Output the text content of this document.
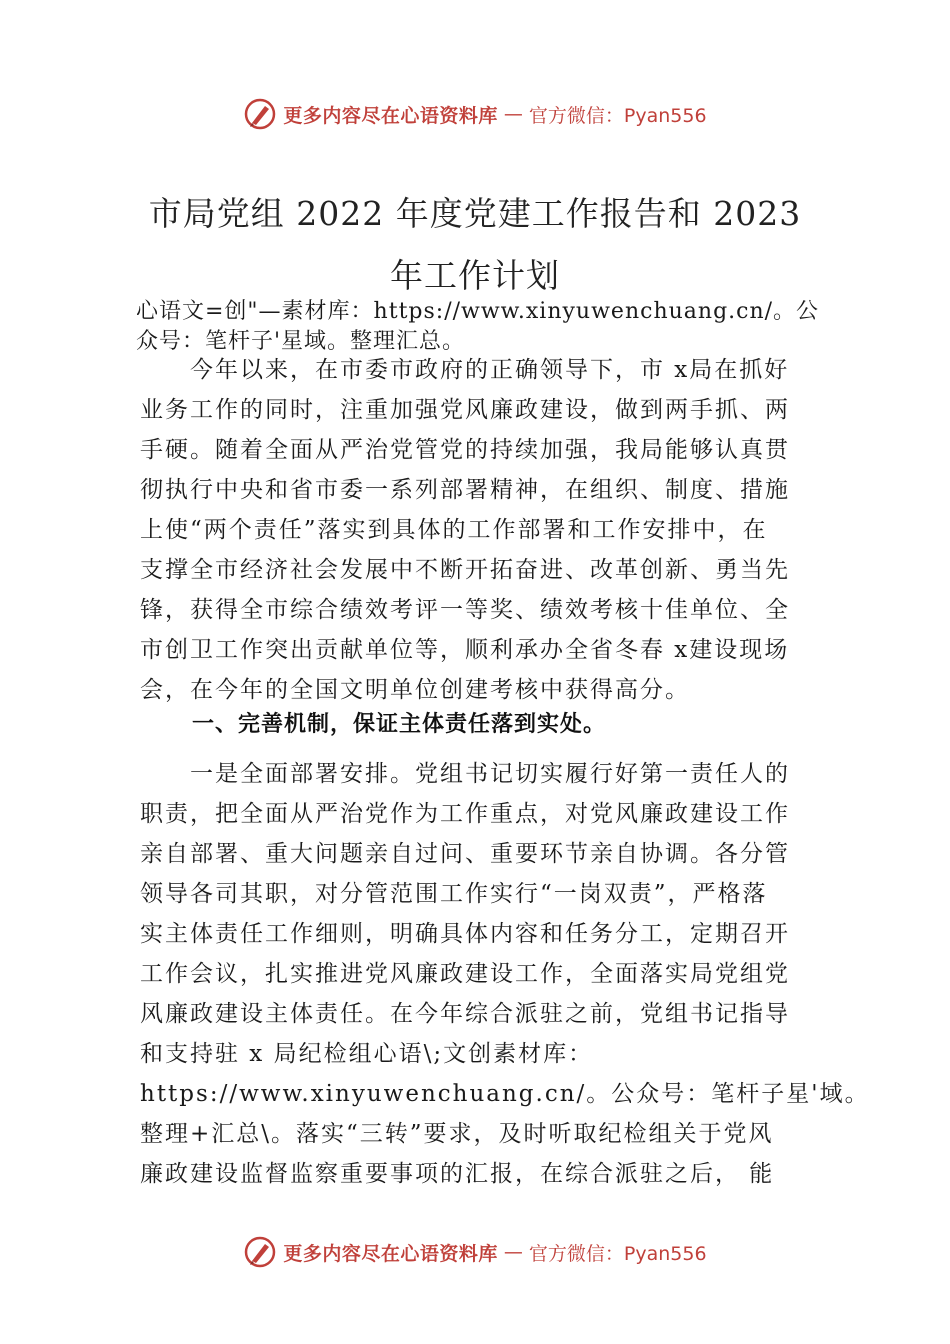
更多内容尽在心语资料库 — 官方微信：Pyan556
市局党组 2022 年度党建工作报告和 2023
年工作计划
心语文=创"—素材库：https://www.xinyuwenchuang.cn/。公
众号：笔杆子'星域。整理汇总。
　　今年以来，在市委市政府的正确领导下，市 x局在抓好
业务工作的同时，注重加强党风廉政建设，做到两手抓、两
手硬。随着全面从严治党管党的持续加强，我局能够认真贯
彻执行中央和省市委一系列部署精神，在组织、制度、措施
上使“两个责任”落实到具体的工作部署和工作安排中，在
支撑全市经济社会发展中不断开拓奋进、改革创新、勇当先
锋，获得全市综合绩效考评一等奖、绩效考核十佳单位、全
市创卫工作突出贡献单位等，顺利承办全省冬春 x建设现场
会，在今年的全国文明单位创建考核中获得高分。
一、完善机制，保证主体责任落到实处。
　　一是全面部署安排。党组书记切实履行好第一责任人的
职责，把全面从严治党作为工作重点，对党风廉政建设工作
亲自部署、重大问题亲自过问、重要环节亲自协调。各分管
领导各司其职，对分管范围工作实行“一岗双责”，严格落
实主体责任工作细则，明确具体内容和任务分工，定期召开
工作会议，扎实推进党风廉政建设工作，全面落实局党组党
风廉政建设主体责任。在今年综合派驻之前，党组书记指导
和支持驻 x 局纪检组心语\;文创素材库：
https://www.xinyuwenchuang.cn/。公众号：笔杆子星'域。
整理+汇总\。落实“三转”要求，及时听取纪检组关于党风
廉政建设监督监察重要事项的汇报，在综合派驻之后， 能
更多内容尽在心语资料库 — 官方微信：Pyan556
